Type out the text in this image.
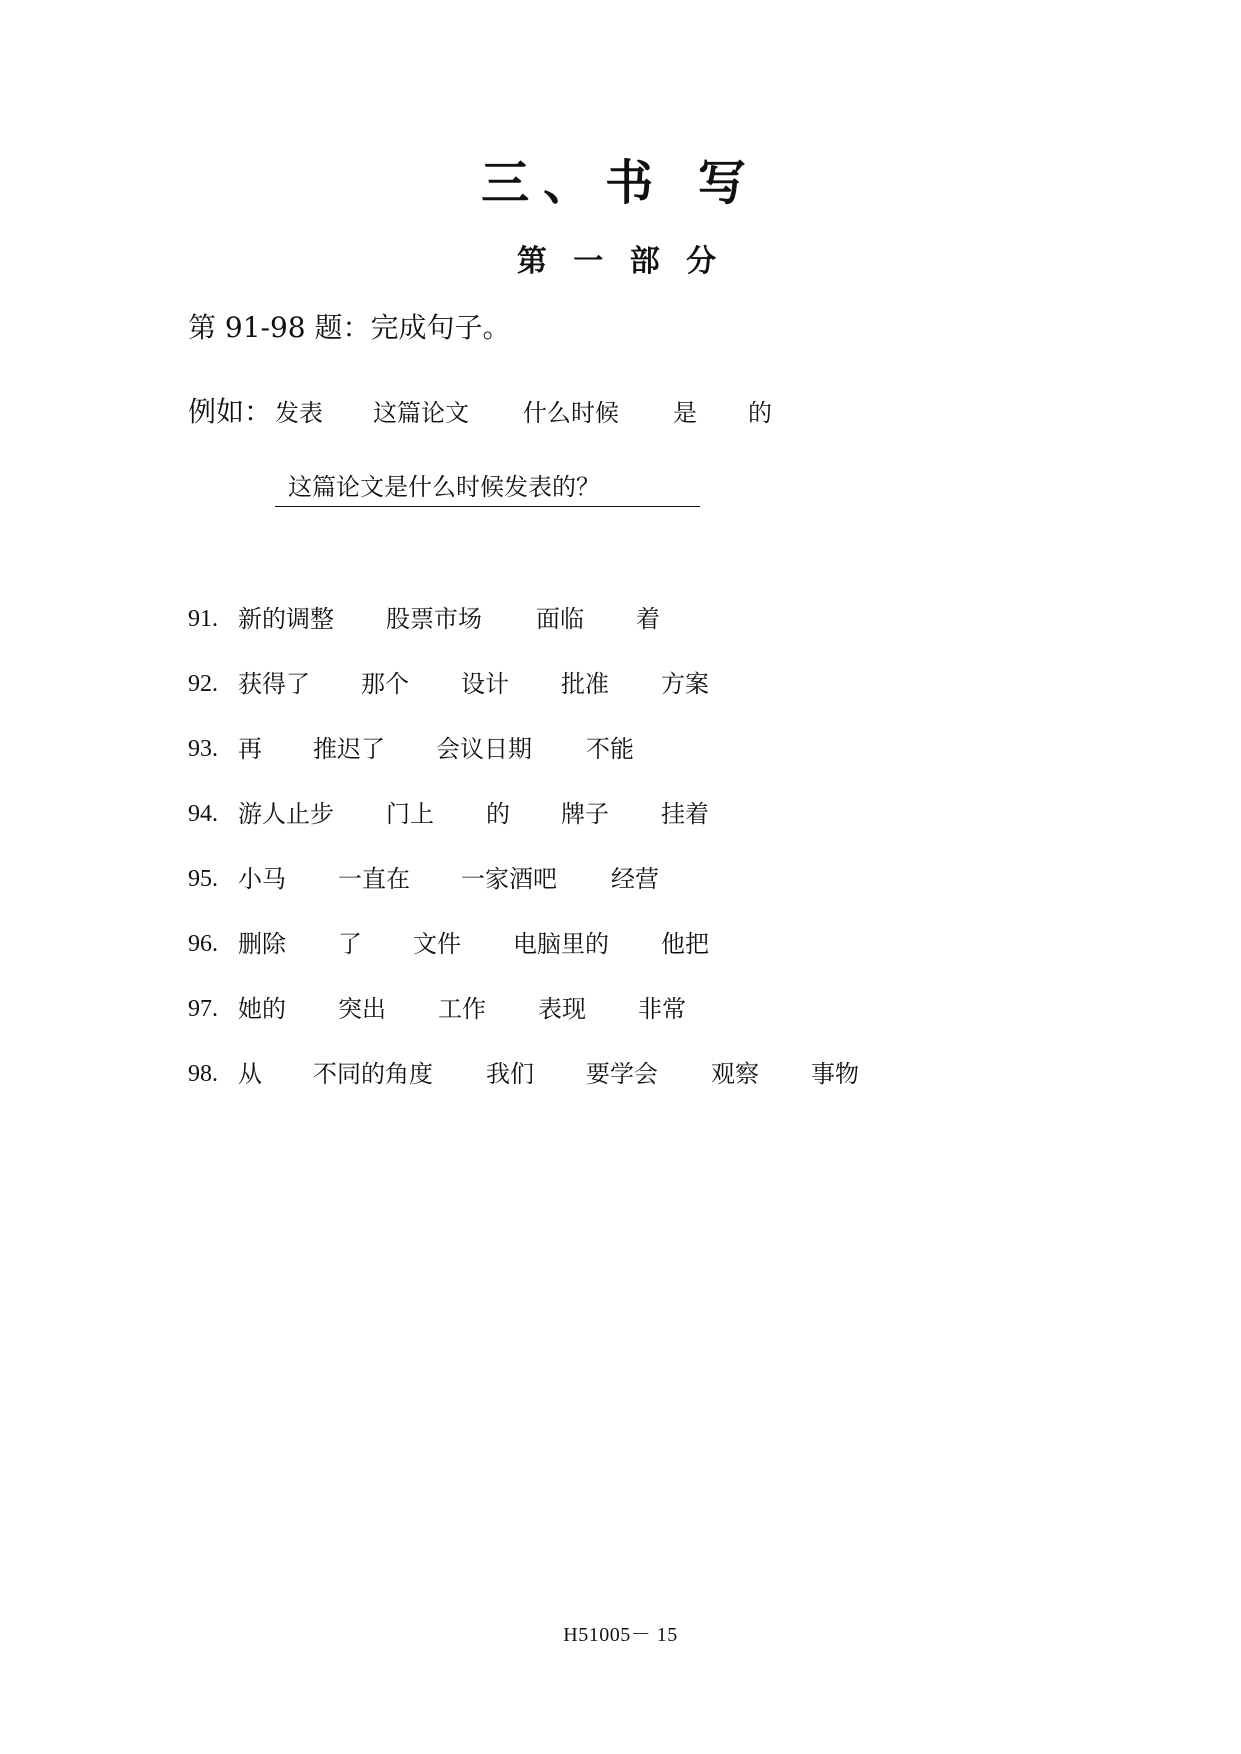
三、书 写
第 一 部 分
第 91-98 题：完成句子。
例如： 发表 这篇论文 什么时候 是 的
这篇论文是什么时候发表的？
91. 新的调整 股票市场 面临 着
92. 获得了 那个 设计 批准 方案
93. 再 推迟了 会议日期 不能
94. 游人止步 门上 的 牌子 挂着
95. 小马 一直在 一家酒吧 经营
96. 删除 了 文件 电脑里的 他把
97. 她的 突出 工作 表现 非常
98. 从 不同的角度 我们 要学会 观察 事物
H51005－ 15
